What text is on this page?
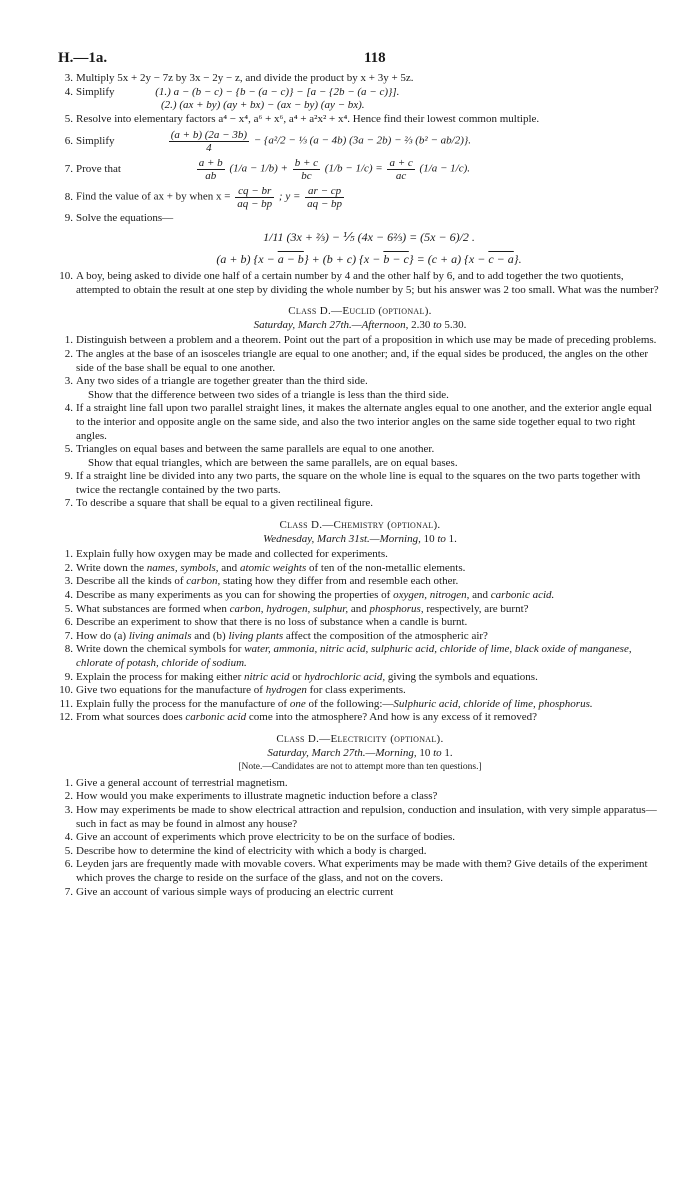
H.—1a.	118
3. Multiply 5x + 2y − 7z by 3x − 2y − z, and divide the product by x + 3y + 5z.
4. Simplify	(1.) a − (b − c) − {b − (a − c)} − [a − {2b − (a − c)}].
(2.) (ax + by) (ay + bx) − (ax − by) (ay − bx).
5. Resolve into elementary factors a⁴ − x⁴, a⁶ + x⁶, a⁴ + a²x² + x⁴. Hence find their lowest common multiple.
6. Simplify	$\frac{(a + b) (2a - 3b)}{4} - \{a^2/2$ − ⅓ (a − 4b) (3a − 2b) − ⅔ (b² − ab/2)}.
7. Prove that	$\frac{a + b}{ab} (1/a - 1/b) + \frac{b + c}{bc} (1/b - 1/c) = \frac{a + c}{ac} (1/a - 1/c)$.
8. Find the value of ax + by when $x = \frac{cq - br}{aq - bp}$ ; $y = \frac{ar - cp}{aq - bp}$
9. Solve the equations—
1/11 (3x + ⅔) − ⅕ (4x − 6⅔) = (5x − 6)/2 .
(a + b) {x − a − b} + (b + c) {x − b − c} = (c + a) {x − c − a}.
10. A boy, being asked to divide one half of a certain number by 4 and the other half by 6, and to add together the two quotients, attempted to obtain the result at one step by dividing the whole number by 5; but his answer was 2 too small. What was the number?
Class D.—Euclid (optional).
Saturday, March 27th.—Afternoon, 2.30 to 5.30.
1. Distinguish between a problem and a theorem. Point out the part of a proposition in which use may be made of preceding problems.
2. The angles at the base of an isosceles triangle are equal to one another; and, if the equal sides be produced, the angles on the other side of the base shall be equal to one another.
3. Any two sides of a triangle are together greater than the third side.
Show that the difference between two sides of a triangle is less than the third side.
4. If a straight line fall upon two parallel straight lines, it makes the alternate angles equal to one another, and the exterior angle equal to the interior and opposite angle on the same side, and also the two interior angles on the same side together equal to two right angles.
5. Triangles on equal bases and between the same parallels are equal to one another.
Show that equal triangles, which are between the same parallels, are on equal bases.
9. If a straight line be divided into any two parts, the square on the whole line is equal to the squares on the two parts together with twice the rectangle contained by the two parts.
7. To describe a square that shall be equal to a given rectilineal figure.
Class D.—Chemistry (optional).
Wednesday, March 31st.—Morning, 10 to 1.
1. Explain fully how oxygen may be made and collected for experiments.
2. Write down the names, symbols, and atomic weights of ten of the non-metallic elements.
3. Describe all the kinds of carbon, stating how they differ from and resemble each other.
4. Describe as many experiments as you can for showing the properties of oxygen, nitrogen, and carbonic acid.
5. What substances are formed when carbon, hydrogen, sulphur, and phosphorus, respectively, are burnt?
6. Describe an experiment to show that there is no loss of substance when a candle is burnt.
7. How do (a) living animals and (b) living plants affect the composition of the atmospheric air?
8. Write down the chemical symbols for water, ammonia, nitric acid, sulphuric acid, chloride of lime, black oxide of manganese, chlorate of potash, chloride of sodium.
9. Explain the process for making either nitric acid or hydrochloric acid, giving the symbols and equations.
10. Give two equations for the manufacture of hydrogen for class experiments.
11. Explain fully the process for the manufacture of one of the following:—Sulphuric acid, chloride of lime, phosphorus.
12. From what sources does carbonic acid come into the atmosphere? And how is any excess of it removed?
Class D.—Electricity (optional).
Saturday, March 27th.—Morning, 10 to 1.
[Note.—Candidates are not to attempt more than ten questions.]
1. Give a general account of terrestrial magnetism.
2. How would you make experiments to illustrate magnetic induction before a class?
3. How may experiments be made to show electrical attraction and repulsion, conduction and insulation, with very simple apparatus—such in fact as may be found in almost any house?
4. Give an account of experiments which prove electricity to be on the surface of bodies.
5. Describe how to determine the kind of electricity with which a body is charged.
6. Leyden jars are frequently made with movable covers. What experiments may be made with them? Give details of the experiment which proves the charge to reside on the surface of the glass, and not on the covers.
7. Give an account of various simple ways of producing an electric current
